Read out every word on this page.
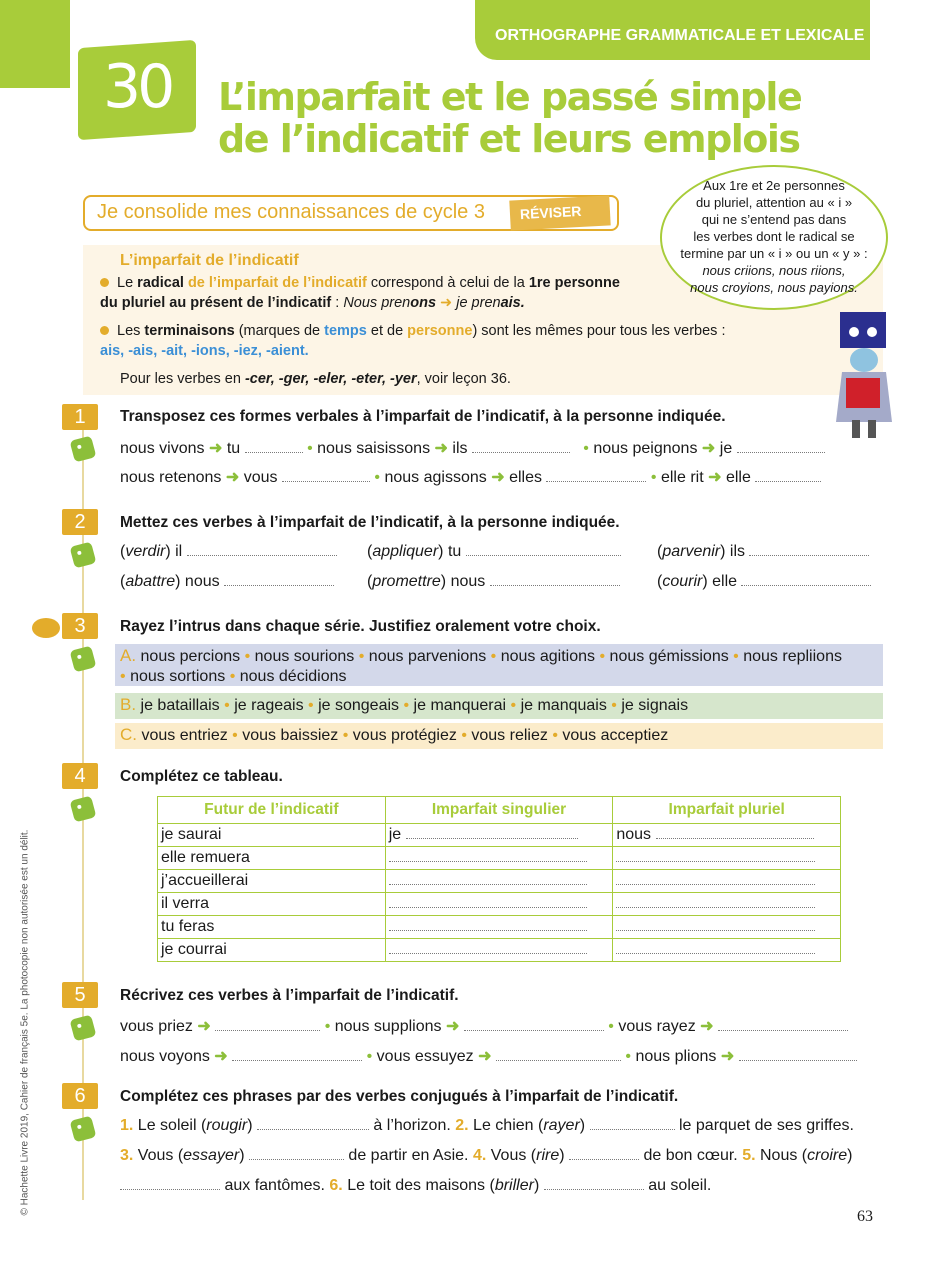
ORTHOGRAPHE GRAMMATICALE ET LEXICALE
30 L’imparfait et le passé simple
de l’indicatif et leurs emplois
Je consolide mes connaissances de cycle 3	RÉVISER
L’imparfait de l’indicatif
Le radical de l’imparfait de l’indicatif correspond à celui de la 1re personne du pluriel au présent de l’indicatif : Nous prenons ➜ je prenais.
Les terminaisons (marques de temps et de personne) sont les mêmes pour tous les verbes :
ais, -ais, -ait, -ions, -iez, -aient.
Pour les verbes en -cer, -ger, -eler, -eter, -yer, voir leçon 36.
Aux 1re et 2e personnes
du pluriel, attention au « i »
qui ne s’entend pas dans
les verbes dont le radical se
termine par un « i » ou un « y » :
nous criions, nous riions,
nous croyions, nous payions.
1	Transposez ces formes verbales à l’imparfait de l’indicatif, à la personne indiquée.
nous vivons ➜ tu	• nous saisissons ➜ ils	• nous peignons ➜ je
nous retenons ➜ vous	• nous agissons ➜ elles	• elle rit ➜ elle
2	Mettez ces verbes à l’imparfait de l’indicatif, à la personne indiquée.
(verdir) il	(appliquer) tu	(parvenir) ils
(abattre) nous	(promettre) nous	(courir) elle
3	Rayez l’intrus dans chaque série. Justifiez oralement votre choix.
A. nous percions • nous sourions • nous parvenions • nous agitions • nous gémissions • nous repliions
• nous sortions • nous décidions
B. je bataillais • je rageais • je songeais • je manquerai • je manquais • je signais
C. vous entriez • vous baissiez • vous protégiez • vous reliez • vous acceptiez
4	Complétez ce tableau.
Futur de l’indicatif	Imparfait singulier	Imparfait pluriel
je saurai	je	nous
elle remuera		
j’accueillerai		
il verra		
tu feras		
je courrai		
5	Récrivez ces verbes à l’imparfait de l’indicatif.
vous priez ➜	• nous supplions ➜	• vous rayez ➜
nous voyons ➜	• vous essuyez ➜	• nous plions ➜
6	Complétez ces phrases par des verbes conjugués à l’imparfait de l’indicatif.
1. Le soleil (rougir)	à l’horizon. 2. Le chien (rayer)	le parquet de ses griffes.
3. Vous (essayer)	de partir en Asie. 4. Vous (rire)	de bon cœur. 5. Nous (croire)
aux fantômes. 6. Le toit des maisons (briller)	au soleil.
© Hachette Livre 2019, Cahier de français 5e. La photocopie non autorisée est un délit.
63
